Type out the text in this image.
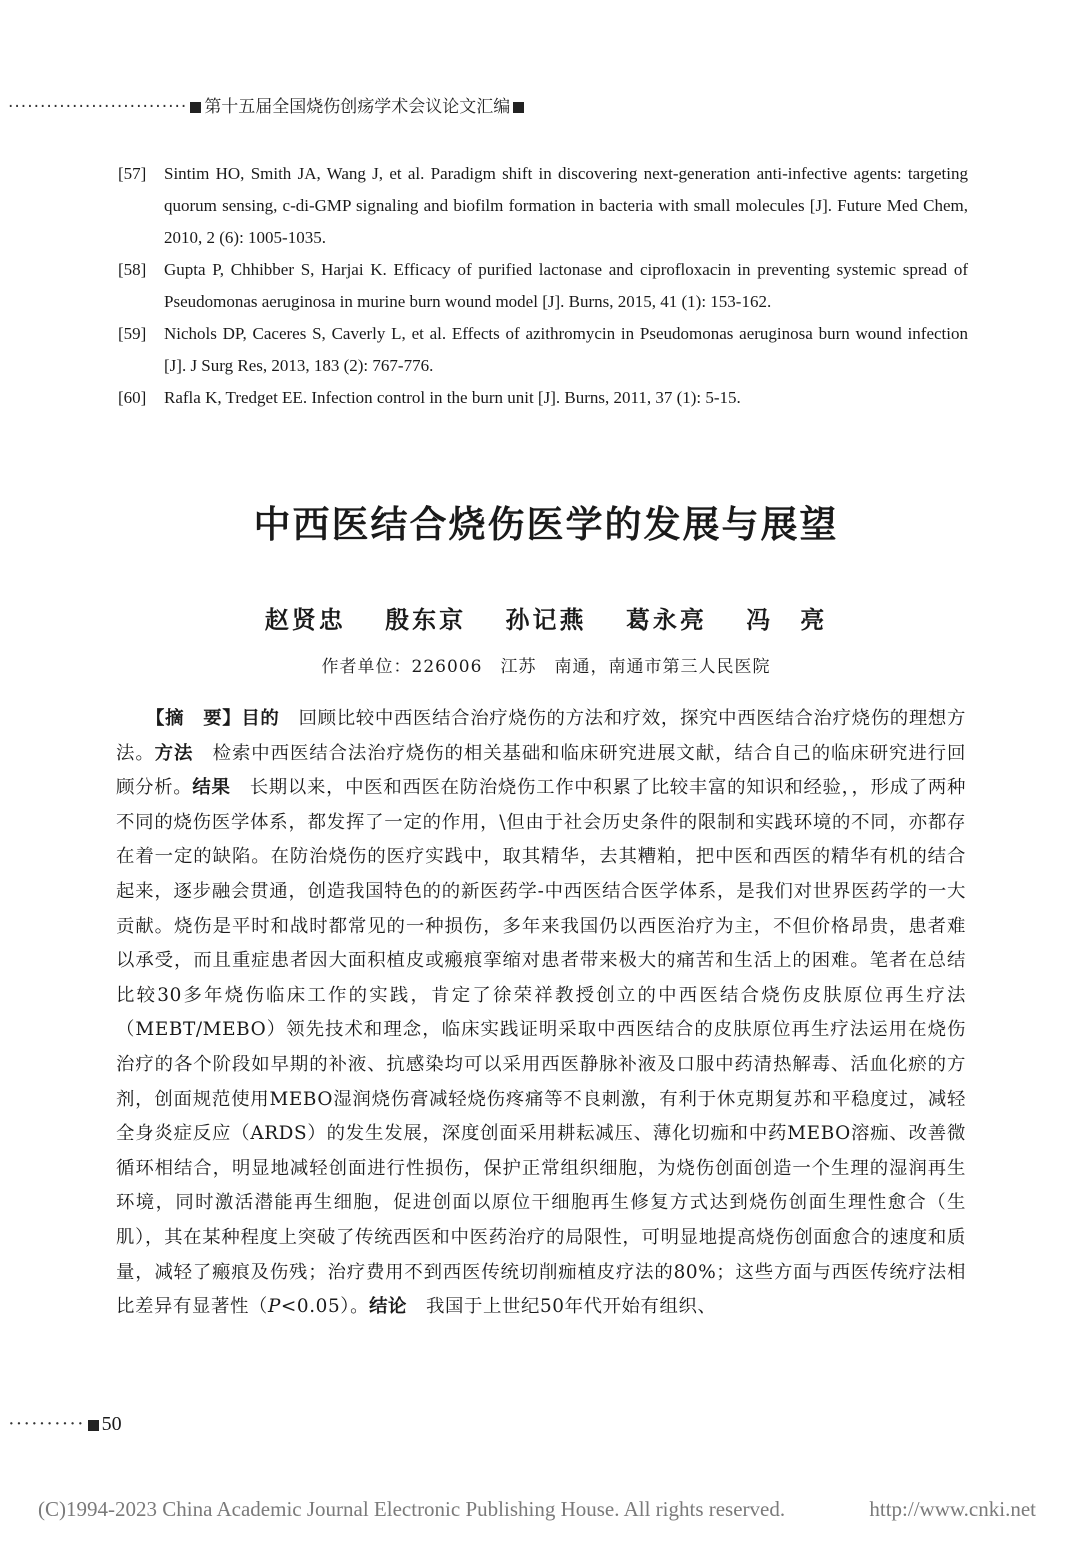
···························· 第十五届全国烧伤创疡学术会议论文汇编
[57]	Sintim HO, Smith JA, Wang J, et al. Paradigm shift in discovering next-generation anti-infective agents: targeting quorum sensing, c-di-GMP signaling and biofilm formation in bacteria with small molecules [J]. Future Med Chem, 2010, 2 (6): 1005-1035.
[58]	Gupta P, Chhibber S, Harjai K. Efficacy of purified lactonase and ciprofloxacin in preventing systemic spread of Pseudomonas aeruginosa in murine burn wound model [J]. Burns, 2015, 41 (1): 153-162.
[59]	Nichols DP, Caceres S, Caverly L, et al. Effects of azithromycin in Pseudomonas aeruginosa burn wound infection [J]. J Surg Res, 2013, 183 (2): 767-776.
[60]	Rafla K, Tredget EE. Infection control in the burn unit [J]. Burns, 2011, 37 (1): 5-15.
中西医结合烧伤医学的发展与展望
赵贤忠 殷东京 孙记燕 葛永亮 冯　亮
作者单位：226006　江苏　南通，南通市第三人民医院
【摘　要】目的　回顾比较中西医结合治疗烧伤的方法和疗效，探究中西医结合治疗烧伤的理想方法。方法　检索中西医结合法治疗烧伤的相关基础和临床研究进展文献，结合自己的临床研究进行回顾分析。结果　长期以来，中医和西医在防治烧伤工作中积累了比较丰富的知识和经验，，形成了两种不同的烧伤医学体系，都发挥了一定的作用，\但由于社会历史条件的限制和实践环境的不同，亦都存在着一定的缺陷。在防治烧伤的医疗实践中，取其精华，去其糟粕，把中医和西医的精华有机的结合起来，逐步融会贯通，创造我国特色的的新医药学-中西医结合医学体系，是我们对世界医药学的一大贡献。烧伤是平时和战时都常见的一种损伤，多年来我国仍以西医治疗为主，不但价格昂贵，患者难以承受，而且重症患者因大面积植皮或瘢痕挛缩对患者带来极大的痛苦和生活上的困难。笔者在总结比较30多年烧伤临床工作的实践，肯定了徐荣祥教授创立的中西医结合烧伤皮肤原位再生疗法（MEBT/MEBO）领先技术和理念，临床实践证明采取中西医结合的皮肤原位再生疗法运用在烧伤治疗的各个阶段如早期的补液、抗感染均可以采用西医静脉补液及口服中药清热解毒、活血化瘀的方剂，创面规范使用MEBO湿润烧伤膏减轻烧伤疼痛等不良刺激，有利于休克期复苏和平稳度过，减轻全身炎症反应（ARDS）的发生发展，深度创面采用耕耘减压、薄化切痂和中药MEBO溶痂、改善微循环相结合，明显地减轻创面进行性损伤，保护正常组织细胞，为烧伤创面创造一个生理的湿润再生环境，同时激活潜能再生细胞，促进创面以原位干细胞再生修复方式达到烧伤创面生理性愈合（生肌），其在某种程度上突破了传统西医和中医药治疗的局限性，可明显地提高烧伤创面愈合的速度和质量，减轻了瘢痕及伤残；治疗费用不到西医传统切削痂植皮疗法的80%；这些方面与西医传统疗法相比差异有显著性（P<0.05）。结论　我国于上世纪50年代开始有组织、
·········· 50
(C)1994-2023 China Academic Journal Electronic Publishing House. All rights reserved.	http://www.cnki.net
